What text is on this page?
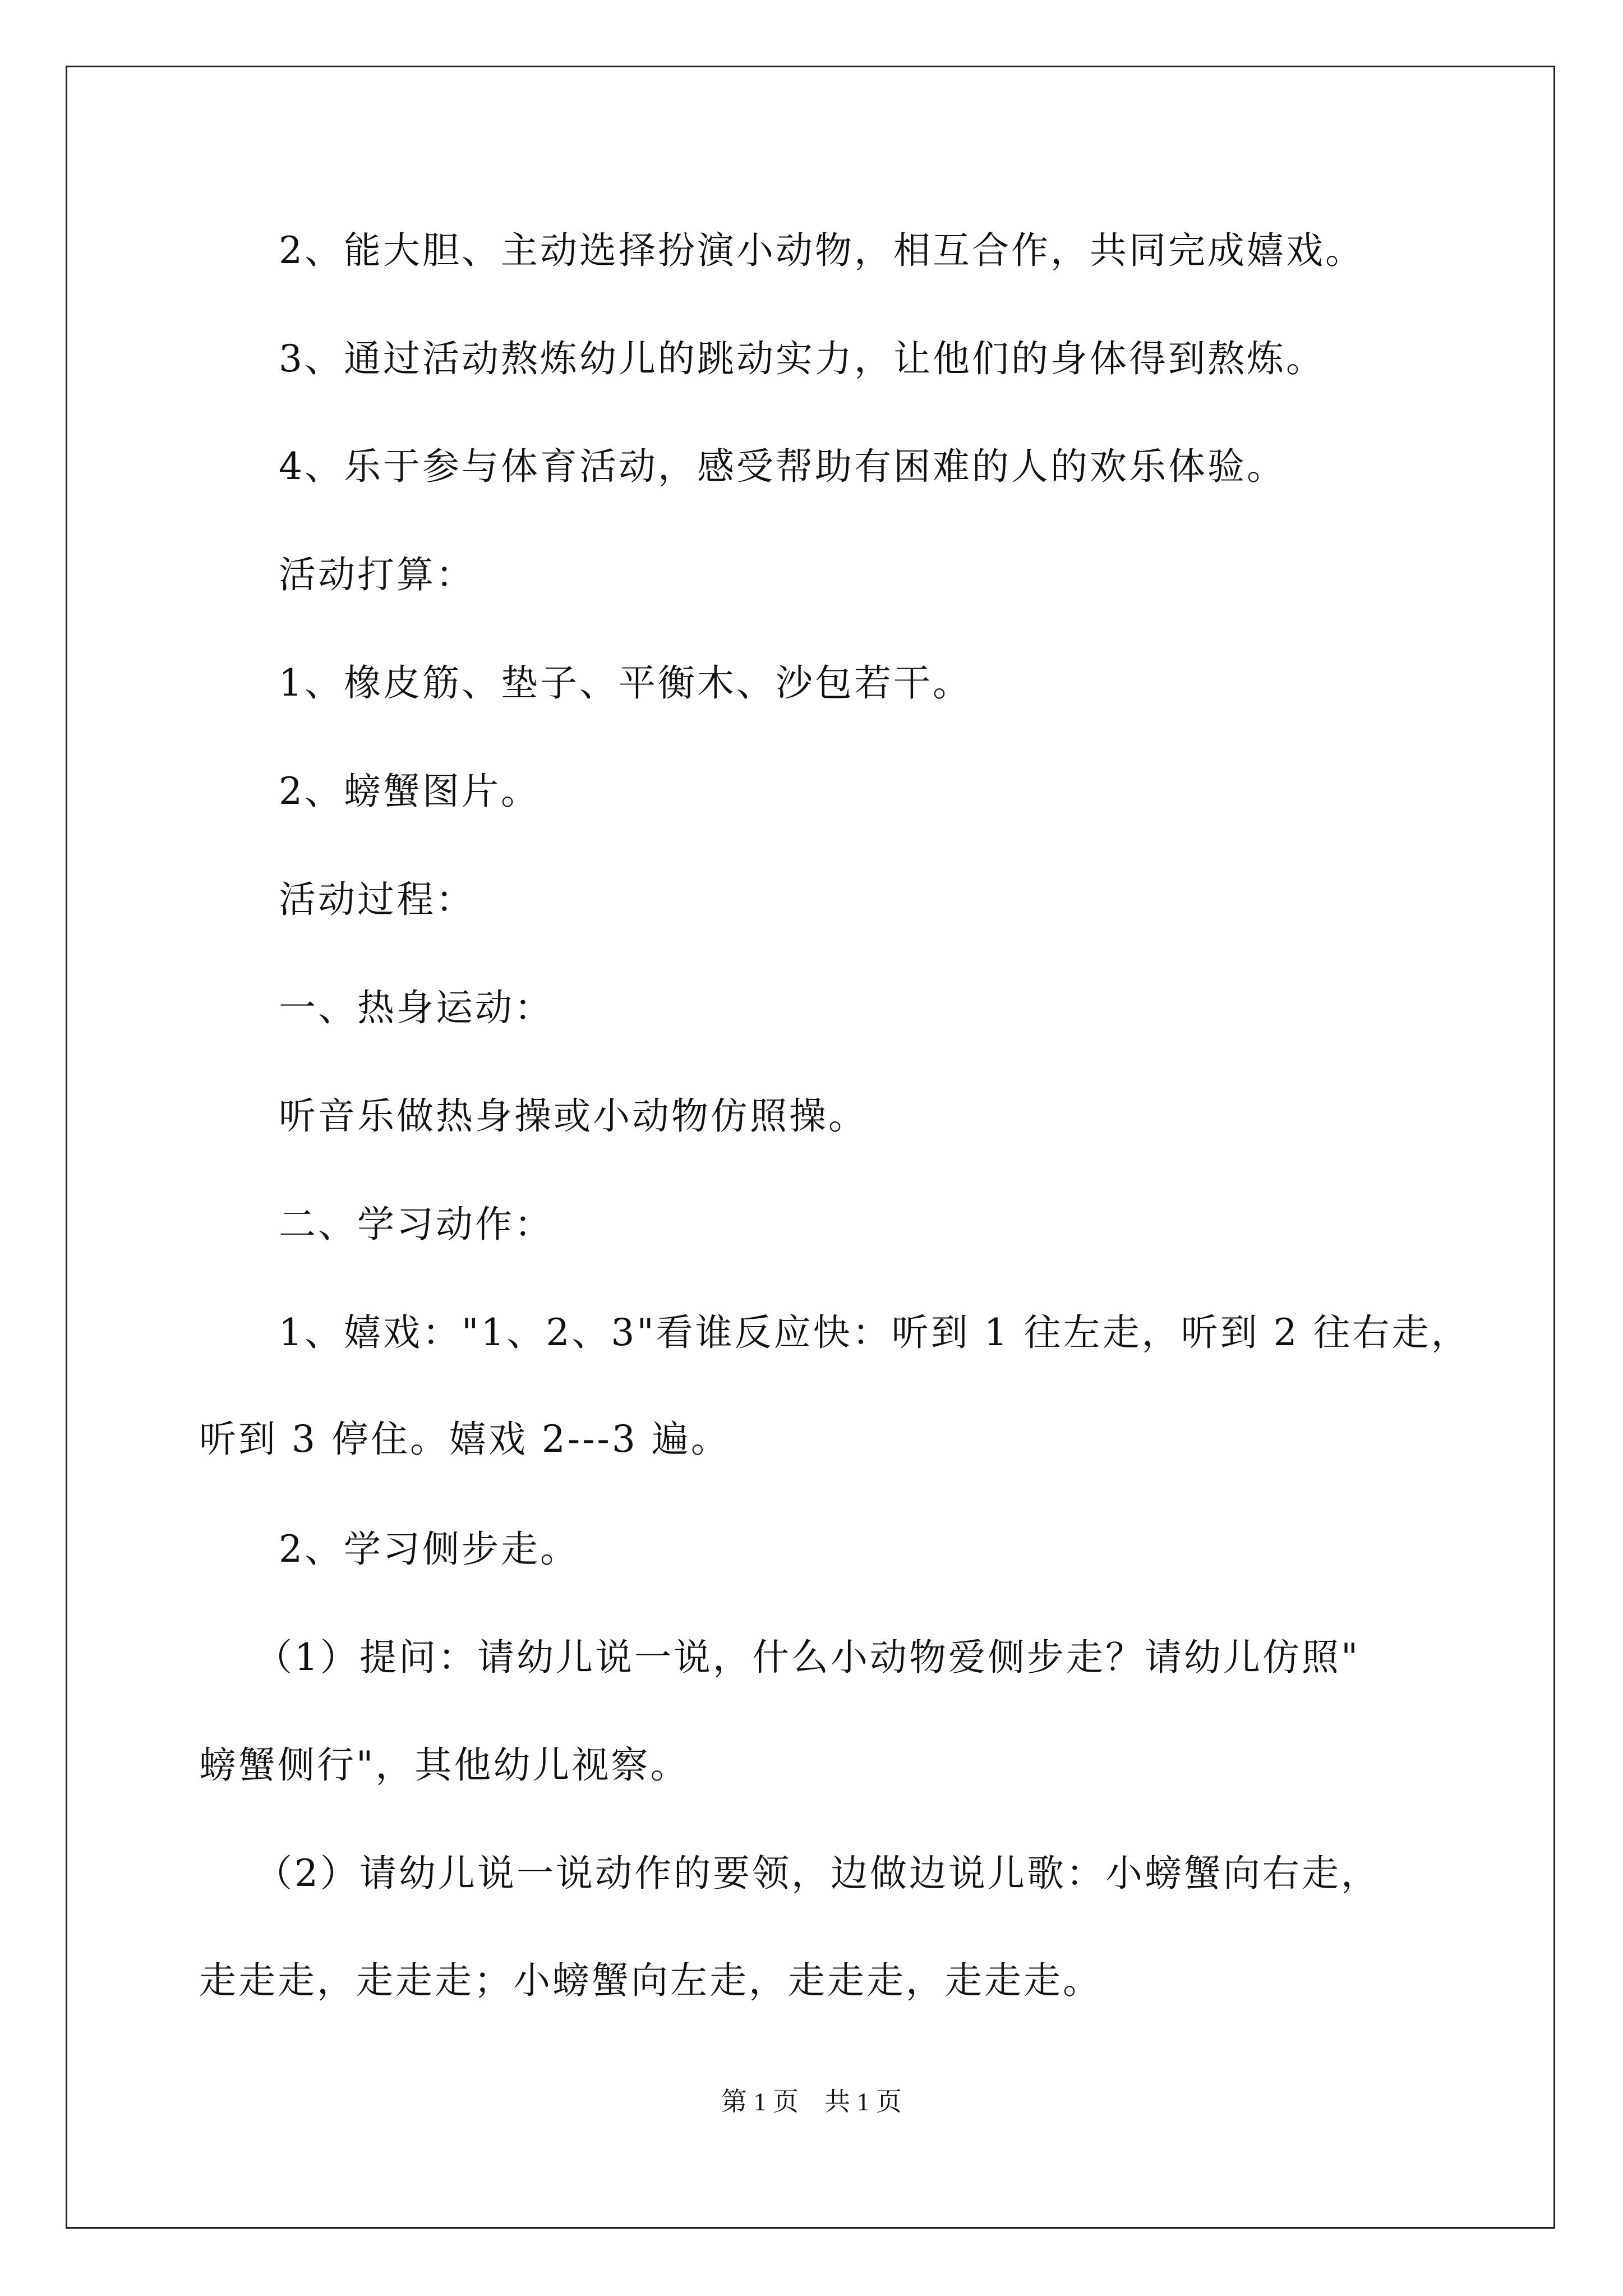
2、能大胆、主动选择扮演小动物，相互合作，共同完成嬉戏。
3、通过活动熬炼幼儿的跳动实力，让他们的身体得到熬炼。
4、乐于参与体育活动，感受帮助有困难的人的欢乐体验。
活动打算：
1、橡皮筋、垫子、平衡木、沙包若干。
2、螃蟹图片。
活动过程：
一、热身运动：
听音乐做热身操或小动物仿照操。
二、学习动作：
1、嬉戏："1、2、3"看谁反应快：听到 1 往左走，听到 2 往右走，
听到 3 停住。嬉戏 2---3 遍。
2、学习侧步走。
（1）提问：请幼儿说一说，什么小动物爱侧步走？请幼儿仿照"
螃蟹侧行"，其他幼儿视察。
（2）请幼儿说一说动作的要领，边做边说儿歌：小螃蟹向右走，
走走走，走走走；小螃蟹向左走，走走走，走走走。
第 1 页 共 1 页
